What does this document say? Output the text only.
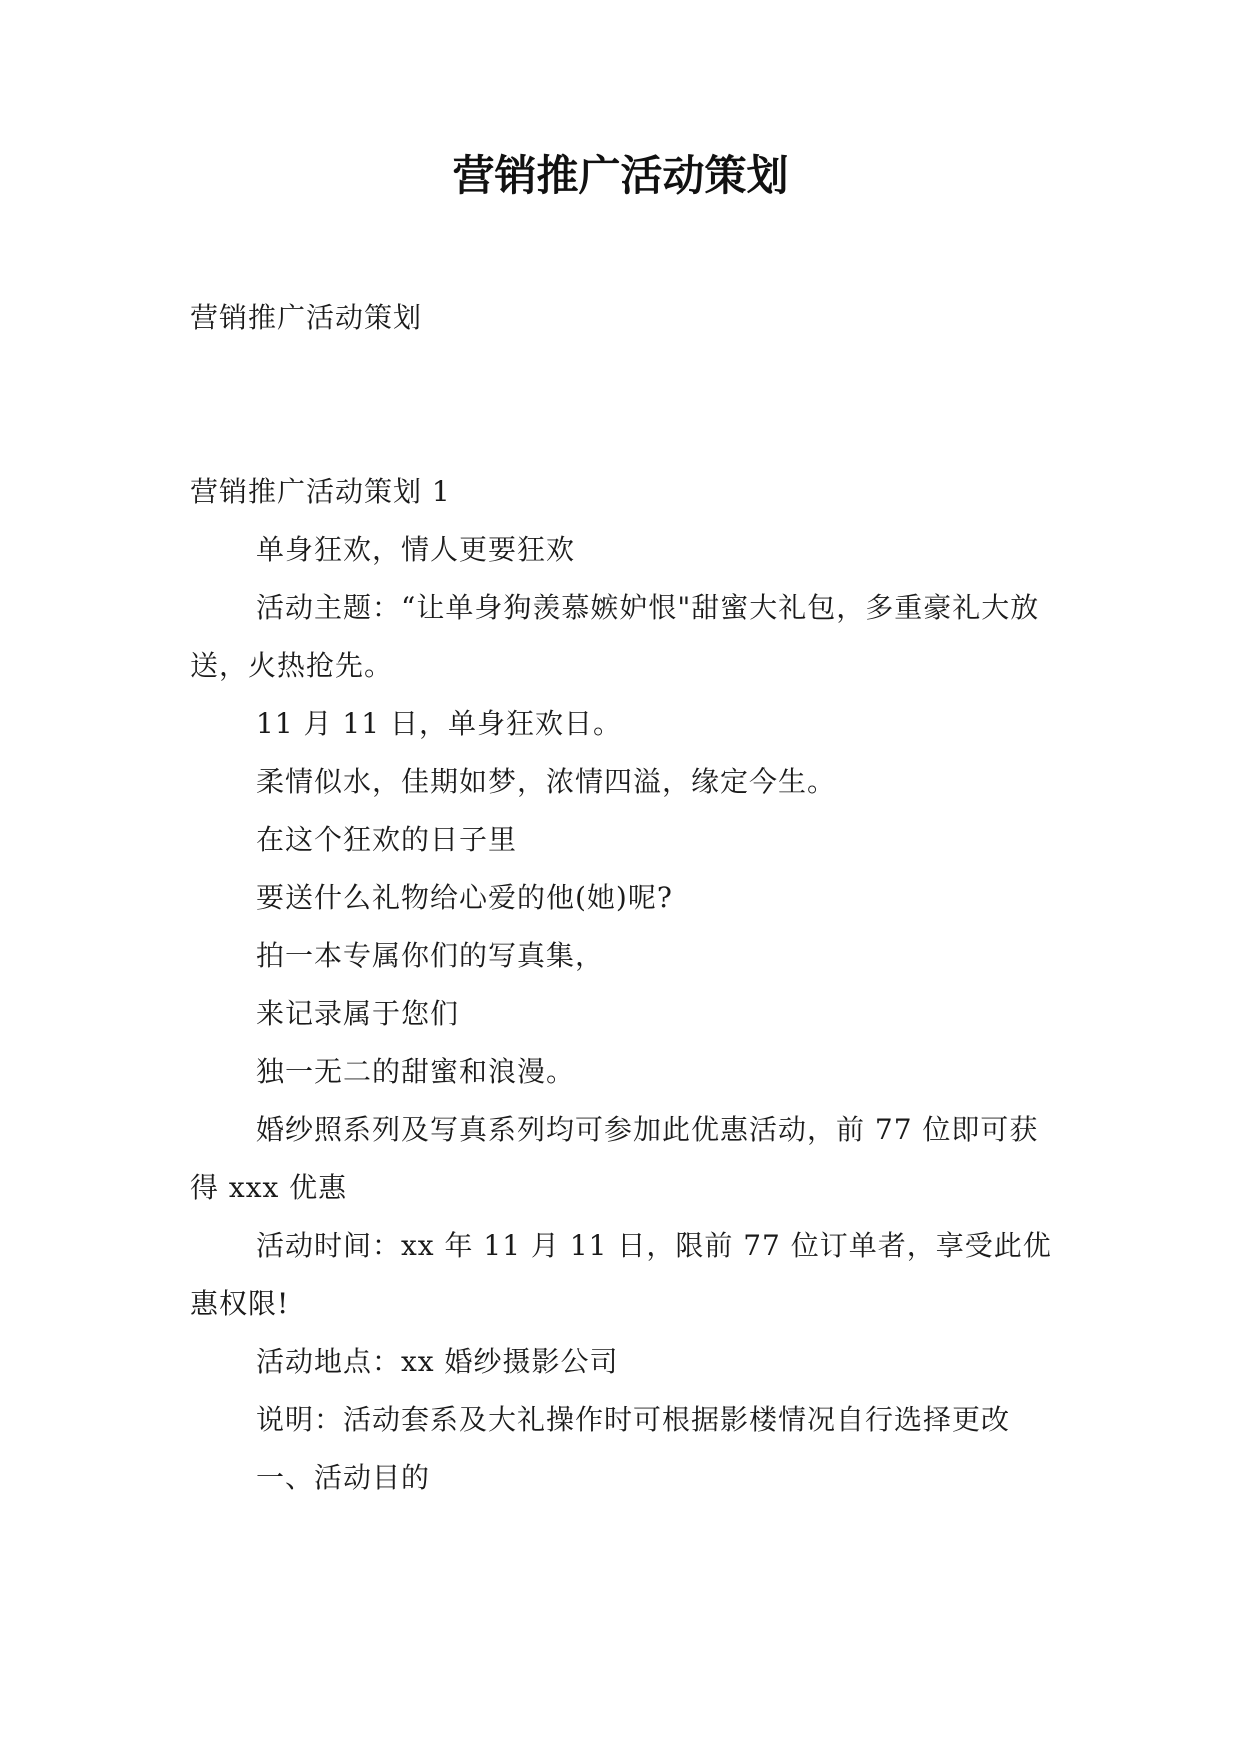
营销推广活动策划

营销推广活动策划

营销推广活动策划 1

单身狂欢，情人更要狂欢

活动主题：“让单身狗羡慕嫉妒恨"甜蜜大礼包，多重豪礼大放送，火热抢先。

11 月 11 日，单身狂欢日。

柔情似水，佳期如梦，浓情四溢，缘定今生。

在这个狂欢的日子里

要送什么礼物给心爱的他(她)呢?

拍一本专属你们的写真集，

来记录属于您们

独一无二的甜蜜和浪漫。

婚纱照系列及写真系列均可参加此优惠活动，前 77 位即可获得 xxx 优惠

活动时间：xx 年 11 月 11 日，限前 77 位订单者，享受此优惠权限!

活动地点：xx 婚纱摄影公司

说明：活动套系及大礼操作时可根据影楼情况自行选择更改

一、活动目的
